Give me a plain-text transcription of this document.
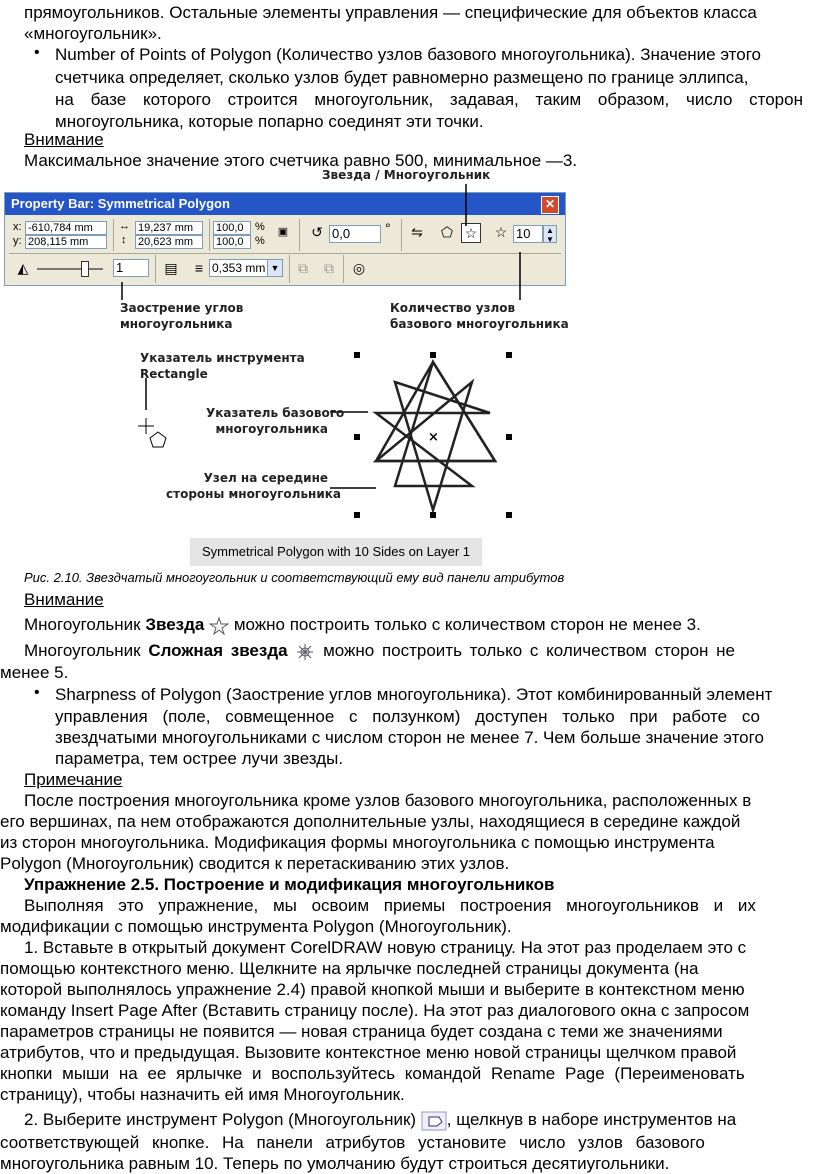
прямоугольников. Остальные элементы управления — специфические для объектов класса

«многоугольник».

• Number of Points of Polygon (Количество узлов базового многоугольника). Значение этого

счетчика определяет, сколько узлов будет равномерно размещено по границе эллипса,

на базе которого строится многоугольник, задавая, таким образом, число сторон

многоугольника, которые попарно соединят эти точки.

Внимание

Максимальное значение этого счетчика равно 500, минимальное —3.

Звезда / Многоугольник
Property Bar: Symmetrical Polygon	✕
x:
y:
-610,784 mm
208,115 mm
↔
↕
19,237 mm
20,623 mm
100,0
100,0
%
%
▣	↺ 0,0	° ⇋ ⬠ ☆ ☆ 10	▲
▼
◭	1	▤	≡ 0,353 mm ▼	⧉	⧉	◎
×
Заострение углов
многоугольника
Количество узлов
базового многоугольника
Указатель инструмента
Rectangle
Указатель базового
многоугольника
Узел на середине
стороны многоугольника
Symmetrical Polygon with 10 Sides on Layer 1
Рис. 2.10. Звездчатый многоугольник и соответствующий ему вид панели атрибутов

Внимание

Многоугольник Звезда  можно построить только с количеством сторон не менее 3.

Многоугольник Сложная звезда  можно построить только с количеством сторон не

менее 5.

• Sharpness of Polygon (Заострение углов многоугольника). Этот комбинированный элемент

управления (поле, совмещенное с ползунком) доступен только при работе со

звездчатыми многоугольниками с числом сторон не менее 7. Чем больше значение этого

параметра, тем острее лучи звезды.

Примечание

После построения многоугольника кроме узлов базового многоугольника, расположенных в

его вершинах, па нем отображаются дополнительные узлы, находящиеся в середине каждой

из сторон многоугольника. Модификация формы многоугольника с помощью инструмента

Polygon (Многоугольник) сводится к перетаскиванию этих узлов.

Упражнение 2.5. Построение и модификация многоугольников

Выполняя это упражнение, мы освоим приемы построения многоугольников и их

модификации с помощью инструмента Polygon (Многоугольник).

1. Вставьте в открытый документ CorelDRAW новую страницу. На этот раз проделаем это с

помощью контекстного меню. Щелкните на ярлычке последней страницы документа (на

которой выполнялось упражнение 2.4) правой кнопкой мыши и выберите в контекстном меню

команду Insert Page After (Вставить страницу после). На этот раз диалогового окна с запросом

параметров страницы не появится — новая страница будет создана с теми же значениями

атрибутов, что и предыдущая. Вызовите контекстное меню новой страницы щелчком правой

кнопки мыши на ее ярлычке и воспользуйтесь командой Rename Page (Переименовать

страницу), чтобы назначить ей имя Многоугольник.

2. Выберите инструмент Polygon (Многоугольник) , щелкнув в наборе инструментов на

соответствующей кнопке. На панели атрибутов установите число узлов базового

многоугольника равным 10. Теперь по умолчанию будут строиться десятиугольники.
